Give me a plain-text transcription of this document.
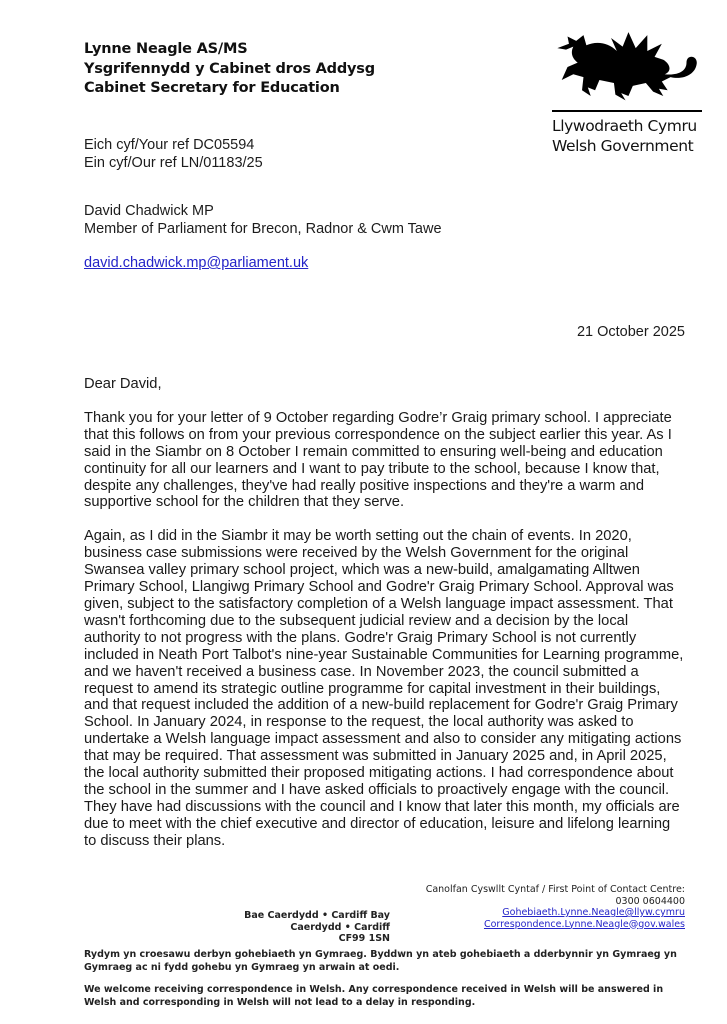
Lynne Neagle AS/MS
Ysgrifennydd y Cabinet dros Addysg
Cabinet Secretary for Education
Llywodraeth Cymru
Welsh Government
Eich cyf/Your ref DC05594
Ein cyf/Our ref LN/01183/25
David Chadwick MP
Member of Parliament for Brecon, Radnor & Cwm Tawe
david.chadwick.mp@parliament.uk
21 October 2025

Dear David,

Thank you for your letter of 9 October regarding Godre’r Graig primary school. I appreciate that this follows on from your previous correspondence on the subject earlier this year. As I said in the Siambr on 8 October I remain committed to ensuring well-being and education continuity for all our learners and I want to pay tribute to the school, because I know that, despite any challenges, they've had really positive inspections and they're a warm and supportive school for the children that they serve.

Again, as I did in the Siambr it may be worth setting out the chain of events. In 2020, business case submissions were received by the Welsh Government for the original Swansea valley primary school project, which was a new-build, amalgamating Alltwen Primary School, Llangiwg Primary School and Godre'r Graig Primary School. Approval was given, subject to the satisfactory completion of a Welsh language impact assessment. That wasn't forthcoming due to the subsequent judicial review and a decision by the local authority to not progress with the plans. Godre'r Graig Primary School is not currently included in Neath Port Talbot's nine-year Sustainable Communities for Learning programme, and we haven't received a business case. In November 2023, the council submitted a request to amend its strategic outline programme for capital investment in their buildings, and that request included the addition of a new-build replacement for Godre'r Graig Primary School. In January 2024, in response to the request, the local authority was asked to undertake a Welsh language impact assessment and also to consider any mitigating actions that may be required. That assessment was submitted in January 2025 and, in April 2025, the local authority submitted their proposed mitigating actions. I had correspondence about the school in the summer and I have asked officials to proactively engage with the council. They have had discussions with the council and I know that later this month, my officials are due to meet with the chief executive and director of education, leisure and lifelong learning to discuss their plans.

Canolfan Cyswllt Cyntaf / First Point of Contact Centre:
0300 0604400
Gohebiaeth.Lynne.Neagle@llyw.cymru
Correspondence.Lynne.Neagle@gov.wales
Bae Caerdydd • Cardiff Bay
Caerdydd • Cardiff
CF99 1SN
Rydym yn croesawu derbyn gohebiaeth yn Gymraeg. Byddwn yn ateb gohebiaeth a dderbynnir yn Gymraeg yn Gymraeg ac ni fydd gohebu yn Gymraeg yn arwain at oedi.
We welcome receiving correspondence in Welsh. Any correspondence received in Welsh will be answered in Welsh and corresponding in Welsh will not lead to a delay in responding.
